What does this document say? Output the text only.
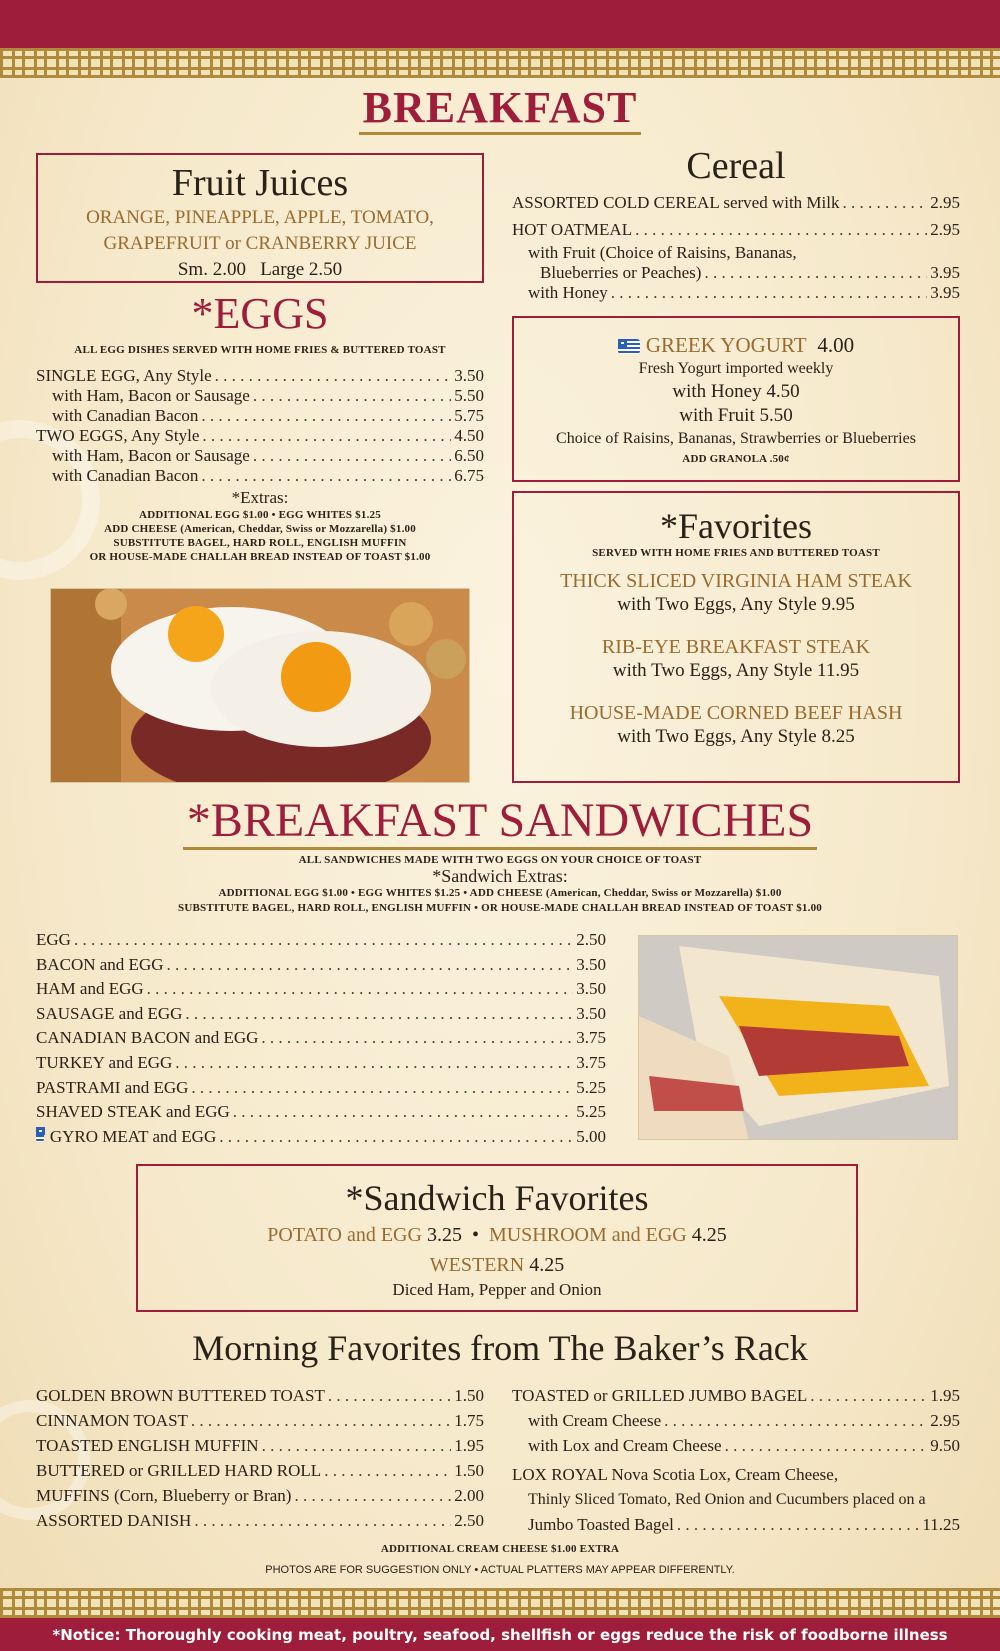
BREAKFAST
Fruit Juices
ORANGE, PINEAPPLE, APPLE, TOMATO,
GRAPEFRUIT or CRANBERRY JUICE
Sm. 2.00   Large 2.50
*EGGS
ALL EGG DISHES SERVED WITH HOME FRIES & BUTTERED TOAST
SINGLE EGG, Any Style . . .	3.50
with Ham, Bacon or Sausage . . .	5.50
with Canadian Bacon . . .	5.75
TWO EGGS, Any Style . . .	4.50
with Ham, Bacon or Sausage . . .	6.50
with Canadian Bacon . . .	6.75
*Extras:
ADDITIONAL EGG $1.00 • EGG WHITES $1.25
ADD CHEESE (American, Cheddar, Swiss or Mozzarella) $1.00
SUBSTITUTE BAGEL, HARD ROLL, ENGLISH MUFFIN
OR HOUSE-MADE CHALLAH BREAD INSTEAD OF TOAST $1.00
Cereal
ASSORTED COLD CEREAL served with Milk . . .	2.95
HOT OATMEAL . . .	2.95
with Fruit (Choice of Raisins, Bananas,
Blueberries or Peaches) . . .	3.95
with Honey . . .	3.95
GREEK YOGURT 4.00
Fresh Yogurt imported weekly
with Honey 4.50
with Fruit 5.50
Choice of Raisins, Bananas, Strawberries or Blueberries
ADD GRANOLA .50¢
*Favorites
SERVED WITH HOME FRIES AND BUTTERED TOAST
THICK SLICED VIRGINIA HAM STEAK
with Two Eggs, Any Style 9.95
RIB-EYE BREAKFAST STEAK
with Two Eggs, Any Style 11.95
HOUSE-MADE CORNED BEEF HASH
with Two Eggs, Any Style 8.25
*BREAKFAST SANDWICHES
ALL SANDWICHES MADE WITH TWO EGGS ON YOUR CHOICE OF TOAST
*Sandwich Extras:
ADDITIONAL EGG $1.00 • EGG WHITES $1.25 • ADD CHEESE (American, Cheddar, Swiss or Mozzarella) $1.00
SUBSTITUTE BAGEL, HARD ROLL, ENGLISH MUFFIN • OR HOUSE-MADE CHALLAH BREAD INSTEAD OF TOAST $1.00
EGG . . .	2.50
BACON and EGG . . .	3.50
HAM and EGG . . .	3.50
SAUSAGE and EGG . . .	3.50
CANADIAN BACON and EGG . . .	3.75
TURKEY and EGG . . .	3.75
PASTRAMI and EGG . . .	5.25
SHAVED STEAK and EGG . . .	5.25
GYRO MEAT and EGG . . .	5.00
*Sandwich Favorites
POTATO and EGG 3.25  •  MUSHROOM and EGG 4.25
WESTERN 4.25
Diced Ham, Pepper and Onion
Morning Favorites from The Baker’s Rack
GOLDEN BROWN BUTTERED TOAST . . .	1.50
CINNAMON TOAST . . .	1.75
TOASTED ENGLISH MUFFIN . . .	1.95
BUTTERED or GRILLED HARD ROLL . . .	1.50
MUFFINS (Corn, Blueberry or Bran) . . .	2.00
ASSORTED DANISH . . .	2.50
TOASTED or GRILLED JUMBO BAGEL . . .	1.95
with Cream Cheese . . .	2.95
with Lox and Cream Cheese . . .	9.50
LOX ROYAL Nova Scotia Lox, Cream Cheese,
Thinly Sliced Tomato, Red Onion and Cucumbers placed on a
Jumbo Toasted Bagel . . .	11.25
ADDITIONAL CREAM CHEESE $1.00 EXTRA
PHOTOS ARE FOR SUGGESTION ONLY • ACTUAL PLATTERS MAY APPEAR DIFFERENTLY.
*Notice: Thoroughly cooking meat, poultry, seafood, shellfish or eggs reduce the risk of foodborne illness
